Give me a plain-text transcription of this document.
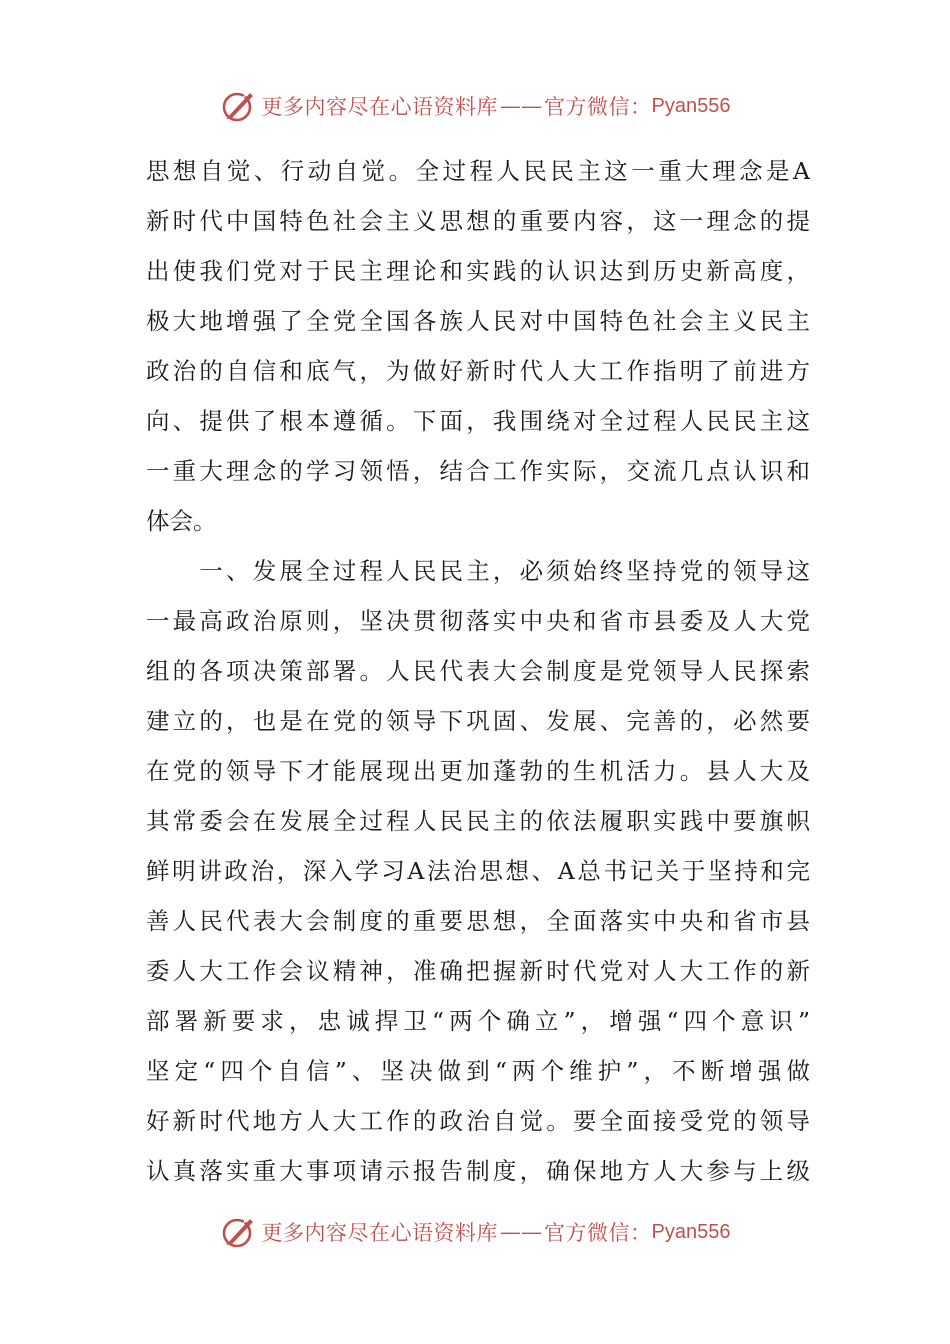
更多内容尽在心语资料库 —— 官方微信： Pyan556
思想自觉、行动自觉。全过程人民民主这一重大理念是A
新时代中国特色社会主义思想的重要内容，这一理念的提
出使我们党对于民主理论和实践的认识达到历史新高度，
极大地增强了全党全国各族人民对中国特色社会主义民主
政治的自信和底气，为做好新时代人大工作指明了前进方
向、提供了根本遵循。下面，我围绕对全过程人民民主这
一重大理念的学习领悟，结合工作实际，交流几点认识和
体会。
　　一、发展全过程人民民主，必须始终坚持党的领导这
一最高政治原则，坚决贯彻落实中央和省市县委及人大党
组的各项决策部署。人民代表大会制度是党领导人民探索
建立的，也是在党的领导下巩固、发展、完善的，必然要
在党的领导下才能展现出更加蓬勃的生机活力。县人大及
其常委会在发展全过程人民民主的依法履职实践中要旗帜
鲜明讲政治，深入学习A法治思想、A总书记关于坚持和完
善人民代表大会制度的重要思想，全面落实中央和省市县
委人大工作会议精神，准确把握新时代党对人大工作的新
部署新要求，忠诚捍卫“两个确立”，增强“四个意识”
坚定“四个自信”、坚决做到“两个维护”，不断增强做
好新时代地方人大工作的政治自觉。要全面接受党的领导
认真落实重大事项请示报告制度，确保地方人大参与上级
更多内容尽在心语资料库 —— 官方微信： Pyan556
